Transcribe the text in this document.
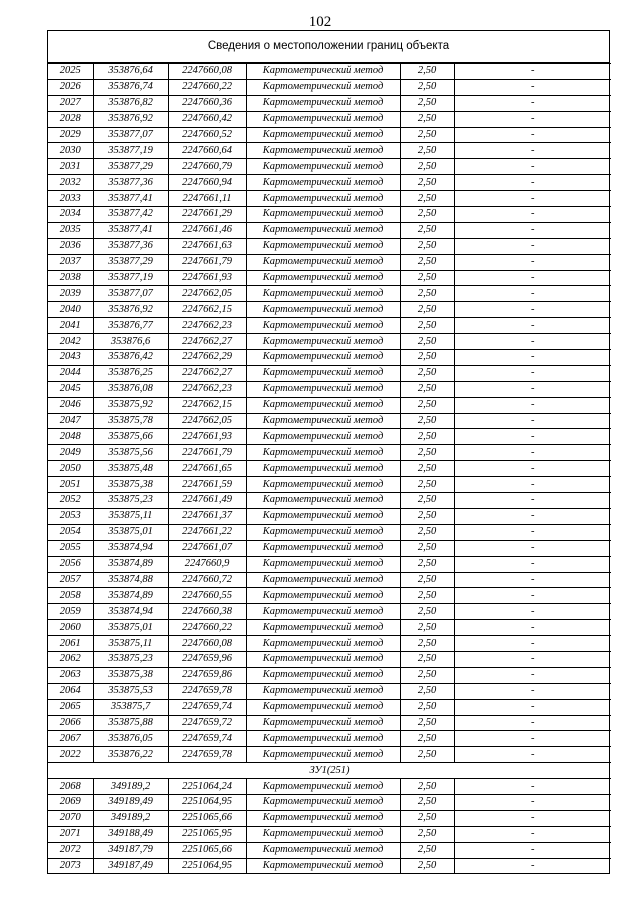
102
Сведения о местоположении границ объекта
2025	353876,64	2247660,08	Картометрический метод	2,50	-
2026	353876,74	2247660,22	Картометрический метод	2,50	-
2027	353876,82	2247660,36	Картометрический метод	2,50	-
2028	353876,92	2247660,42	Картометрический метод	2,50	-
2029	353877,07	2247660,52	Картометрический метод	2,50	-
2030	353877,19	2247660,64	Картометрический метод	2,50	-
2031	353877,29	2247660,79	Картометрический метод	2,50	-
2032	353877,36	2247660,94	Картометрический метод	2,50	-
2033	353877,41	2247661,11	Картометрический метод	2,50	-
2034	353877,42	2247661,29	Картометрический метод	2,50	-
2035	353877,41	2247661,46	Картометрический метод	2,50	-
2036	353877,36	2247661,63	Картометрический метод	2,50	-
2037	353877,29	2247661,79	Картометрический метод	2,50	-
2038	353877,19	2247661,93	Картометрический метод	2,50	-
2039	353877,07	2247662,05	Картометрический метод	2,50	-
2040	353876,92	2247662,15	Картометрический метод	2,50	-
2041	353876,77	2247662,23	Картометрический метод	2,50	-
2042	353876,6	2247662,27	Картометрический метод	2,50	-
2043	353876,42	2247662,29	Картометрический метод	2,50	-
2044	353876,25	2247662,27	Картометрический метод	2,50	-
2045	353876,08	2247662,23	Картометрический метод	2,50	-
2046	353875,92	2247662,15	Картометрический метод	2,50	-
2047	353875,78	2247662,05	Картометрический метод	2,50	-
2048	353875,66	2247661,93	Картометрический метод	2,50	-
2049	353875,56	2247661,79	Картометрический метод	2,50	-
2050	353875,48	2247661,65	Картометрический метод	2,50	-
2051	353875,38	2247661,59	Картометрический метод	2,50	-
2052	353875,23	2247661,49	Картометрический метод	2,50	-
2053	353875,11	2247661,37	Картометрический метод	2,50	-
2054	353875,01	2247661,22	Картометрический метод	2,50	-
2055	353874,94	2247661,07	Картометрический метод	2,50	-
2056	353874,89	2247660,9	Картометрический метод	2,50	-
2057	353874,88	2247660,72	Картометрический метод	2,50	-
2058	353874,89	2247660,55	Картометрический метод	2,50	-
2059	353874,94	2247660,38	Картометрический метод	2,50	-
2060	353875,01	2247660,22	Картометрический метод	2,50	-
2061	353875,11	2247660,08	Картометрический метод	2,50	-
2062	353875,23	2247659,96	Картометрический метод	2,50	-
2063	353875,38	2247659,86	Картометрический метод	2,50	-
2064	353875,53	2247659,78	Картометрический метод	2,50	-
2065	353875,7	2247659,74	Картометрический метод	2,50	-
2066	353875,88	2247659,72	Картометрический метод	2,50	-
2067	353876,05	2247659,74	Картометрический метод	2,50	-
2022	353876,22	2247659,78	Картометрический метод	2,50	-
ЗУ1(251)					
2068	349189,2	2251064,24	Картометрический метод	2,50	-
2069	349189,49	2251064,95	Картометрический метод	2,50	-
2070	349189,2	2251065,66	Картометрический метод	2,50	-
2071	349188,49	2251065,95	Картометрический метод	2,50	-
2072	349187,79	2251065,66	Картометрический метод	2,50	-
2073	349187,49	2251064,95	Картометрический метод	2,50	-
